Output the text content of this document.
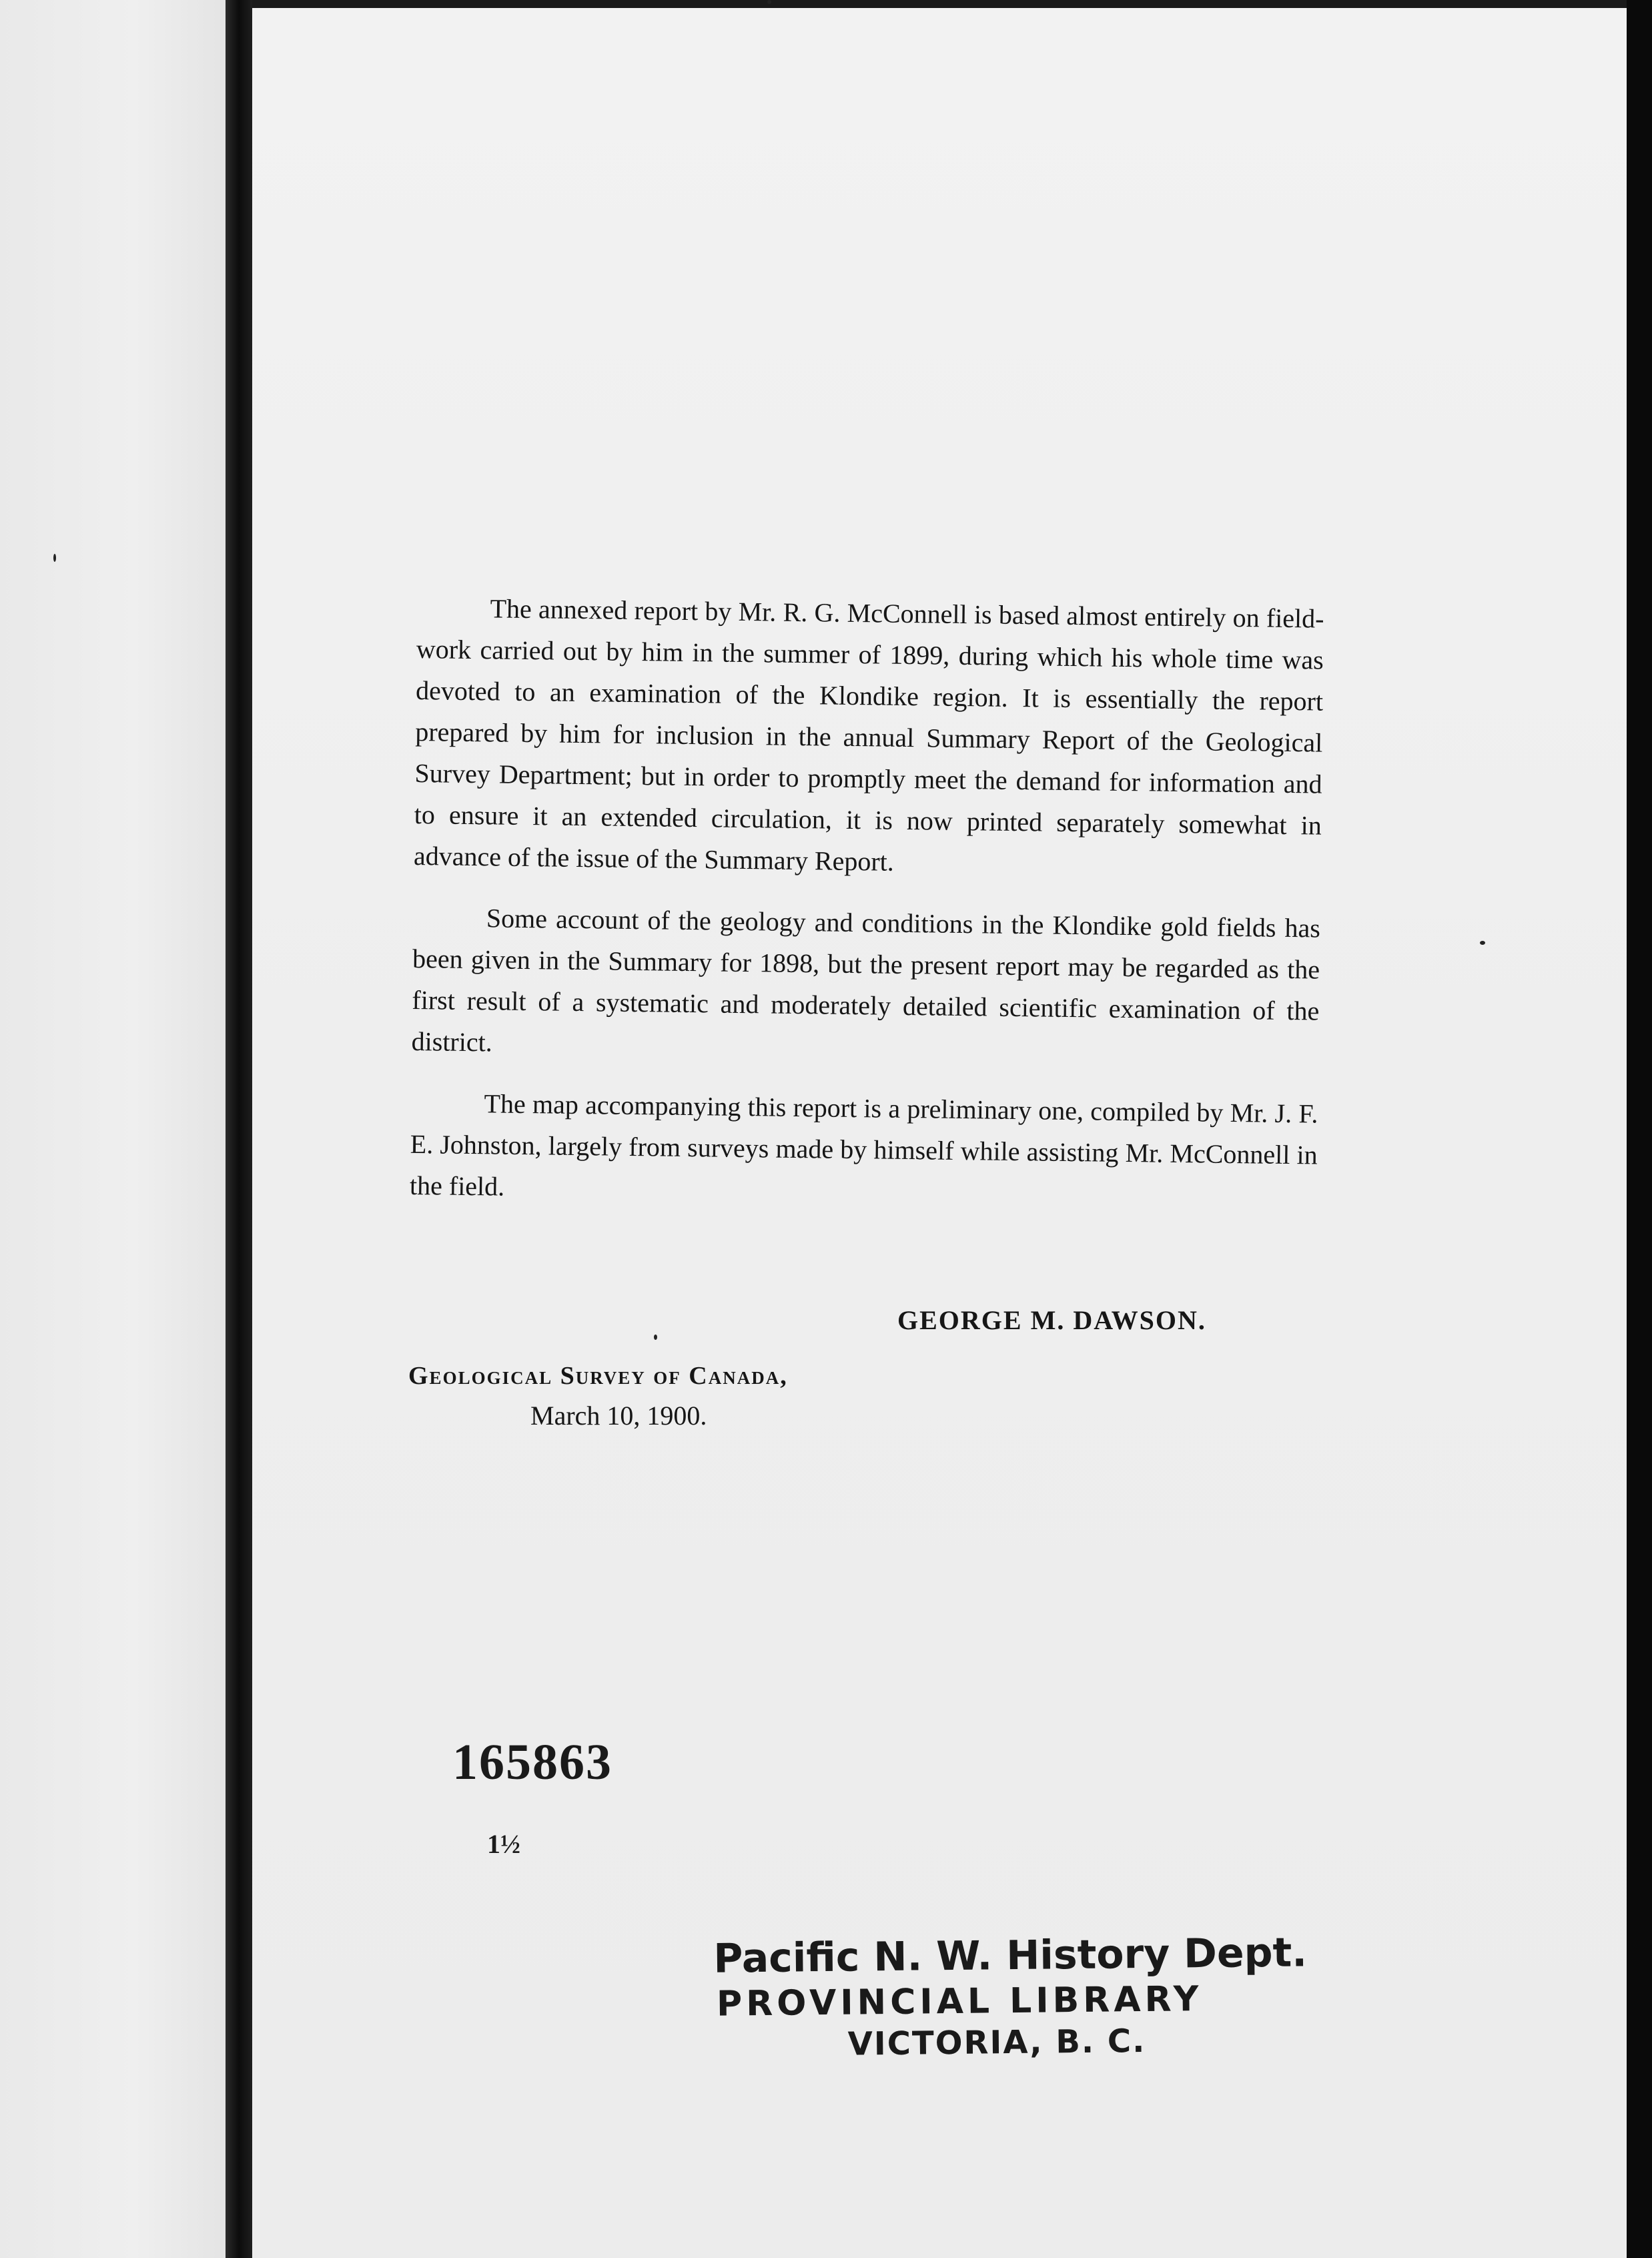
The annexed report by Mr. R. G. McConnell is based almost entirely on field-work carried out by him in the summer of 1899, during which his whole time was devoted to an examination of the Klondike region. It is essentially the report prepared by him for inclusion in the annual Summary Report of the Geological Survey Department; but in order to promptly meet the demand for information and to ensure it an extended circulation, it is now printed separately somewhat in advance of the issue of the Summary Report.

Some account of the geology and conditions in the Klondike gold fields has been given in the Summary for 1898, but the present report may be regarded as the first result of a systematic and moderately detailed scientific examination of the district.

The map accompanying this report is a preliminary one, compiled by Mr. J. F. E. Johnston, largely from surveys made by himself while assisting Mr. McConnell in the field.

GEORGE M. DAWSON.
Geological Survey of Canada,
March 10, 1900.
165863
1½
Pacific N. W. History Dept.
PROVINCIAL LIBRARY
VICTORIA, B. C.
